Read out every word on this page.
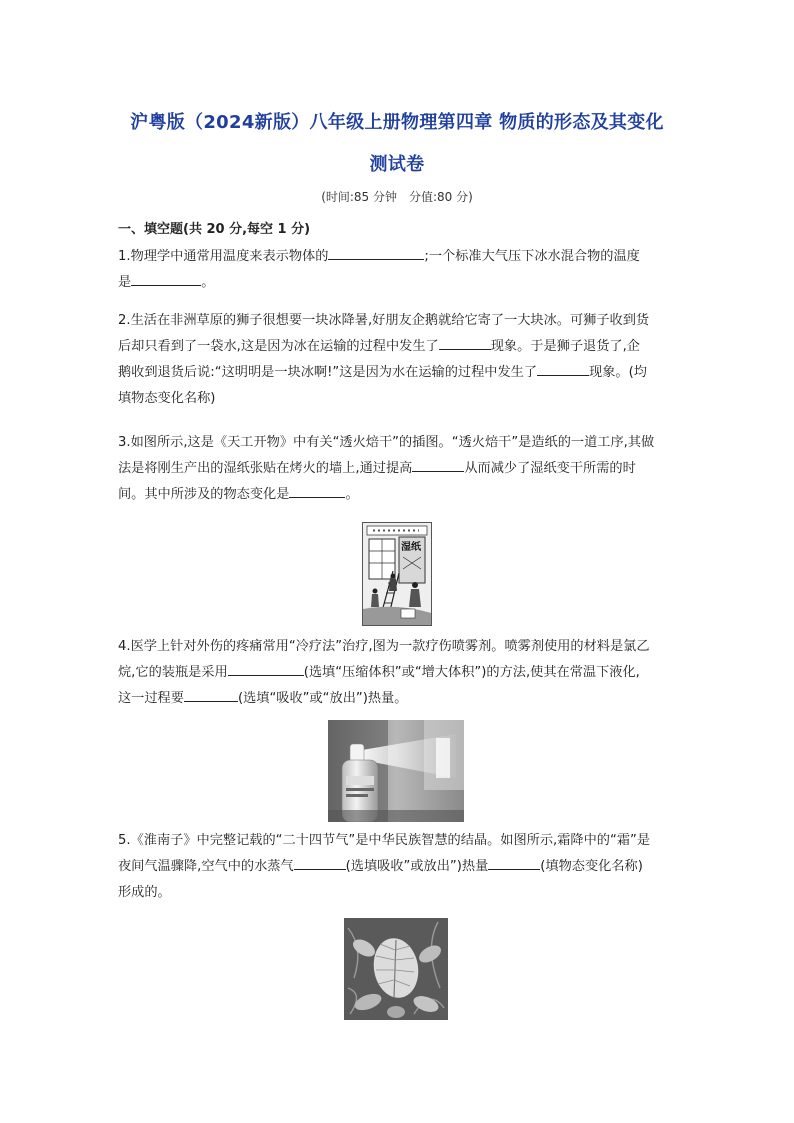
沪粤版（2024新版）八年级上册物理第四章 物质的形态及其变化
测试卷
(时间:85 分钟　分值:80 分)
一、填空题(共 20 分,每空 1 分)
1.物理学中通常用温度来表示物体的	;一个标准大气压下冰水混合物的温度
是	。
2.生活在非洲草原的狮子很想要一块冰降暑,好朋友企鹅就给它寄了一大块冰。可狮子收到货
后却只看到了一袋水,这是因为冰在运输的过程中发生了	现象。于是狮子退货了,企
鹅收到退货后说:“这明明是一块冰啊!”这是因为水在运输的过程中发生了	现象。(均
填物态变化名称)
3.如图所示,这是《天工开物》中有关“透火焙干”的插图。“透火焙干”是造纸的一道工序,其做
法是将刚生产出的湿纸张贴在烤火的墙上,通过提高	从而减少了湿纸变干所需的时
间。其中所涉及的物态变化是	。
湿纸
4.医学上针对外伤的疼痛常用“冷疗法”治疗,图为一款疗伤喷雾剂。喷雾剂使用的材料是氯乙
烷,它的装瓶是采用	(选填“压缩体积”或“增大体积”)的方法,使其在常温下液化,
这一过程要	(选填“吸收”或“放出”)热量。
5.《淮南子》中完整记载的“二十四节气”是中华民族智慧的结晶。如图所示,霜降中的“霜”是
夜间气温骤降,空气中的水蒸气	(选填吸收”或放出”)热量	(填物态变化名称)
形成的。
